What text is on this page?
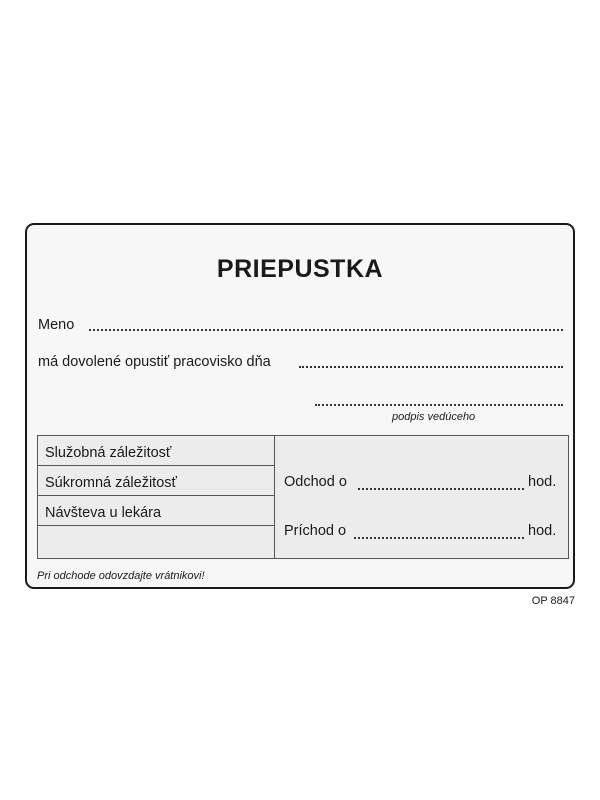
PRIEPUSTKA
Meno
má dovolené opustiť pracovisko dňa
podpis vedúceho
Služobná záležitosť
Súkromná záležitosť
Návšteva u lekára
Odchod o	hod.
Príchod o	hod.
Pri odchode odovzdajte vrátnikovi!
OP 8847
